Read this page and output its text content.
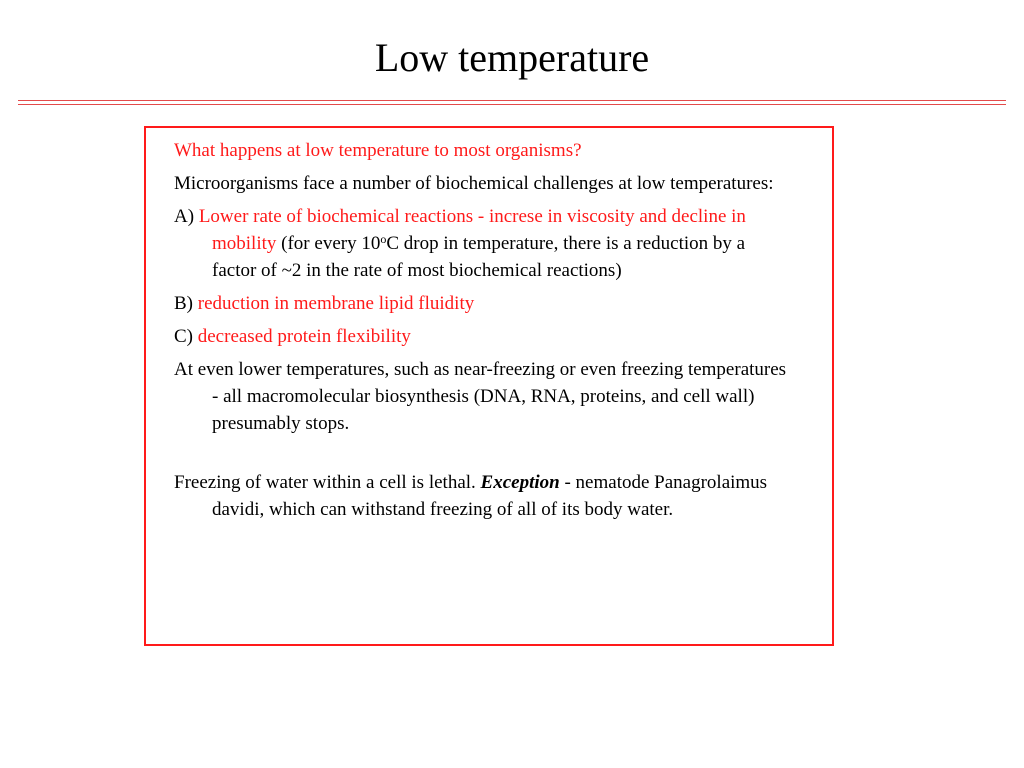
Low temperature

What happens at low temperature to most organisms?

Microorganisms face a number of biochemical challenges at low temperatures:

A) Lower rate of biochemical reactions - increse in viscosity and decline in mobility (for every 10$^o$C drop in temperature, there is a reduction by a factor of ~2 in the rate of most biochemical reactions)

B) reduction in membrane lipid fluidity

C) decreased protein flexibility

At even lower temperatures, such as near-freezing or even freezing temperatures - all macromolecular biosynthesis (DNA, RNA, proteins, and cell wall) presumably stops.

Freezing of water within a cell is lethal. Exception - nematode Panagrolaimus davidi, which can withstand freezing of all of its body water.
